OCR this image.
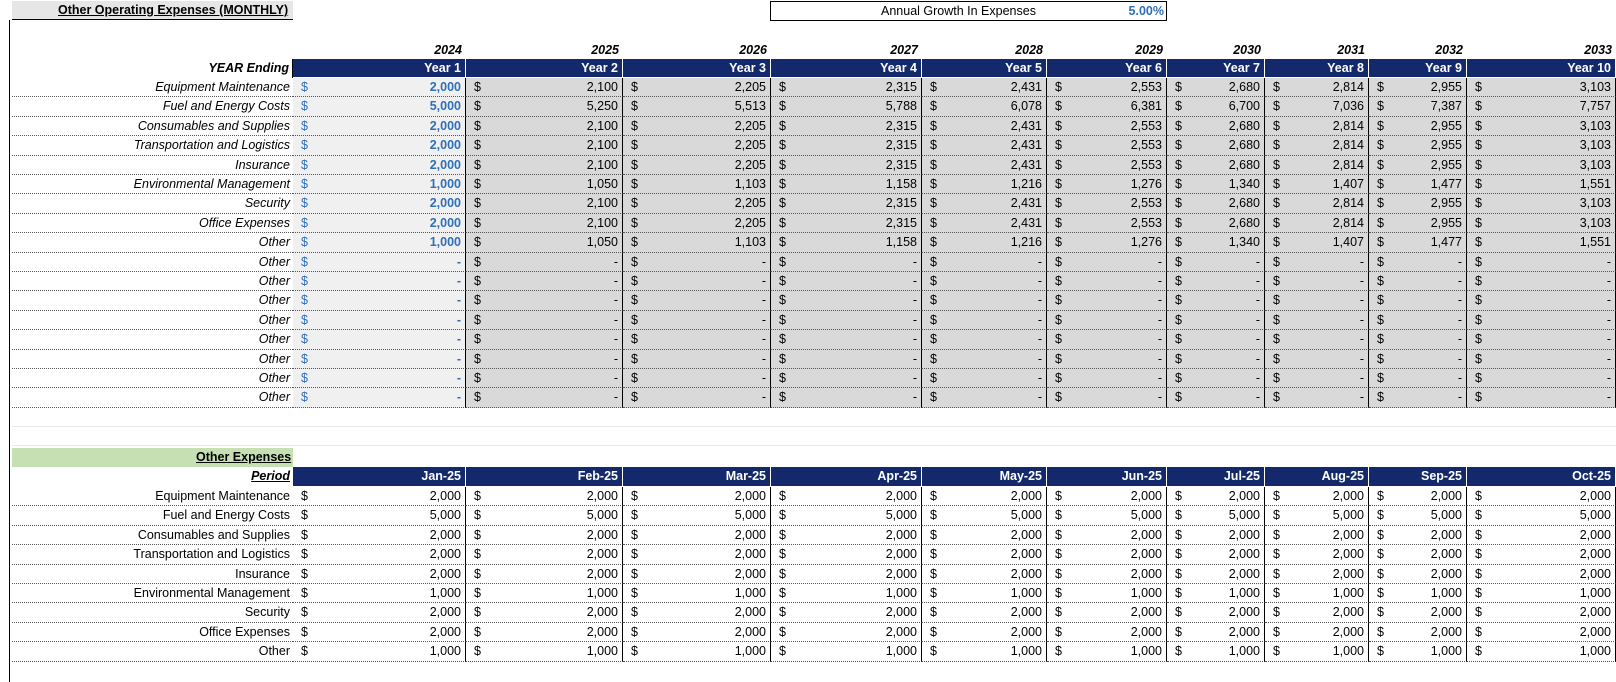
Other Operating Expenses (MONTHLY)	Annual Growth In Expenses	5.00%
YEAR Ending
2024	2025	2026	2027	2028	2029	2030	2031	2032	2033
Year 1	Year 2	Year 3	Year 4	Year 5	Year 6	Year 7	Year 8	Year 9	Year 10
Equipment Maintenance $	2,000 $	2,100 $	2,205 $	2,315 $	2,431 $	2,553 $	2,680 $	2,814 $	2,955 $	3,103
Fuel and Energy Costs $	5,000 $	5,250 $	5,513 $	5,788 $	6,078 $	6,381 $	6,700 $	7,036 $	7,387 $	7,757
Consumables and Supplies $	2,000 $	2,100 $	2,205 $	2,315 $	2,431 $	2,553 $	2,680 $	2,814 $	2,955 $	3,103
Transportation and Logistics $	2,000 $	2,100 $	2,205 $	2,315 $	2,431 $	2,553 $	2,680 $	2,814 $	2,955 $	3,103
Insurance $	2,000 $	2,100 $	2,205 $	2,315 $	2,431 $	2,553 $	2,680 $	2,814 $	2,955 $	3,103
Environmental Management $	1,000 $	1,050 $	1,103 $	1,158 $	1,216 $	1,276 $	1,340 $	1,407 $	1,477 $	1,551
Security $	2,000 $	2,100 $	2,205 $	2,315 $	2,431 $	2,553 $	2,680 $	2,814 $	2,955 $	3,103
Office Expenses $	2,000 $	2,100 $	2,205 $	2,315 $	2,431 $	2,553 $	2,680 $	2,814 $	2,955 $	3,103
Other $	1,000 $	1,050 $	1,103 $	1,158 $	1,216 $	1,276 $	1,340 $	1,407 $	1,477 $	1,551
Other $	- $	- $	- $	- $	- $	- $	- $	- $	- $	-
Other $	- $	- $	- $	- $	- $	- $	- $	- $	- $	-
Other $	- $	- $	- $	- $	- $	- $	- $	- $	- $	-
Other $	- $	- $	- $	- $	- $	- $	- $	- $	- $	-
Other $	- $	- $	- $	- $	- $	- $	- $	- $	- $	-
Other $	- $	- $	- $	- $	- $	- $	- $	- $	- $	-
Other $	- $	- $	- $	- $	- $	- $	- $	- $	- $	-
Other $	- $	- $	- $	- $	- $	- $	- $	- $	- $	-
Other Expenses
Period	Jan-25	Feb-25	Mar-25	Apr-25	May-25	Jun-25	Jul-25	Aug-25	Sep-25	Oct-25
Equipment Maintenance $	2,000 $	2,000 $	2,000 $	2,000 $	2,000 $	2,000 $	2,000 $	2,000 $	2,000 $	2,000
Fuel and Energy Costs $	5,000 $	5,000 $	5,000 $	5,000 $	5,000 $	5,000 $	5,000 $	5,000 $	5,000 $	5,000
Consumables and Supplies $	2,000 $	2,000 $	2,000 $	2,000 $	2,000 $	2,000 $	2,000 $	2,000 $	2,000 $	2,000
Transportation and Logistics $	2,000 $	2,000 $	2,000 $	2,000 $	2,000 $	2,000 $	2,000 $	2,000 $	2,000 $	2,000
Insurance $	2,000 $	2,000 $	2,000 $	2,000 $	2,000 $	2,000 $	2,000 $	2,000 $	2,000 $	2,000
Environmental Management $	1,000 $	1,000 $	1,000 $	1,000 $	1,000 $	1,000 $	1,000 $	1,000 $	1,000 $	1,000
Security $	2,000 $	2,000 $	2,000 $	2,000 $	2,000 $	2,000 $	2,000 $	2,000 $	2,000 $	2,000
Office Expenses $	2,000 $	2,000 $	2,000 $	2,000 $	2,000 $	2,000 $	2,000 $	2,000 $	2,000 $	2,000
Other $	1,000 $	1,000 $	1,000 $	1,000 $	1,000 $	1,000 $	1,000 $	1,000 $	1,000 $	1,000
